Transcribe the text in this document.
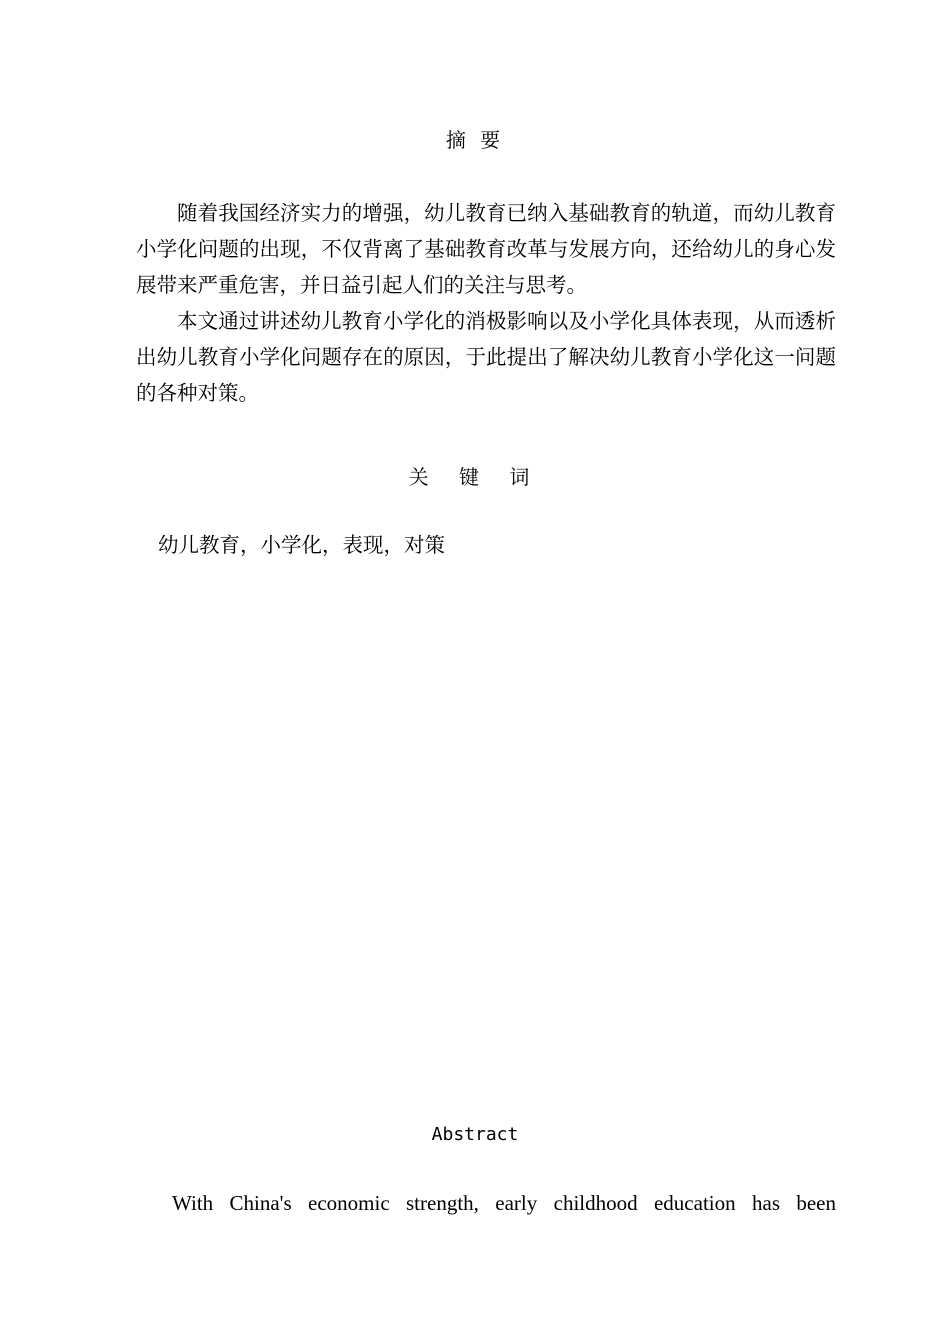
摘 要

随着我国经济实力的增强，幼儿教育已纳入基础教育的轨道，而幼儿教育小学化问题的出现，不仅背离了基础教育改革与发展方向，还给幼儿的身心发展带来严重危害，并日益引起人们的关注与思考。

本文通过讲述幼儿教育小学化的消极影响以及小学化具体表现，从而透析出幼儿教育小学化问题存在的原因，于此提出了解决幼儿教育小学化这一问题的各种对策。

关 键 词

幼儿教育，小学化，表现，对策

Abstract

With China's economic strength, early childhood education has been
